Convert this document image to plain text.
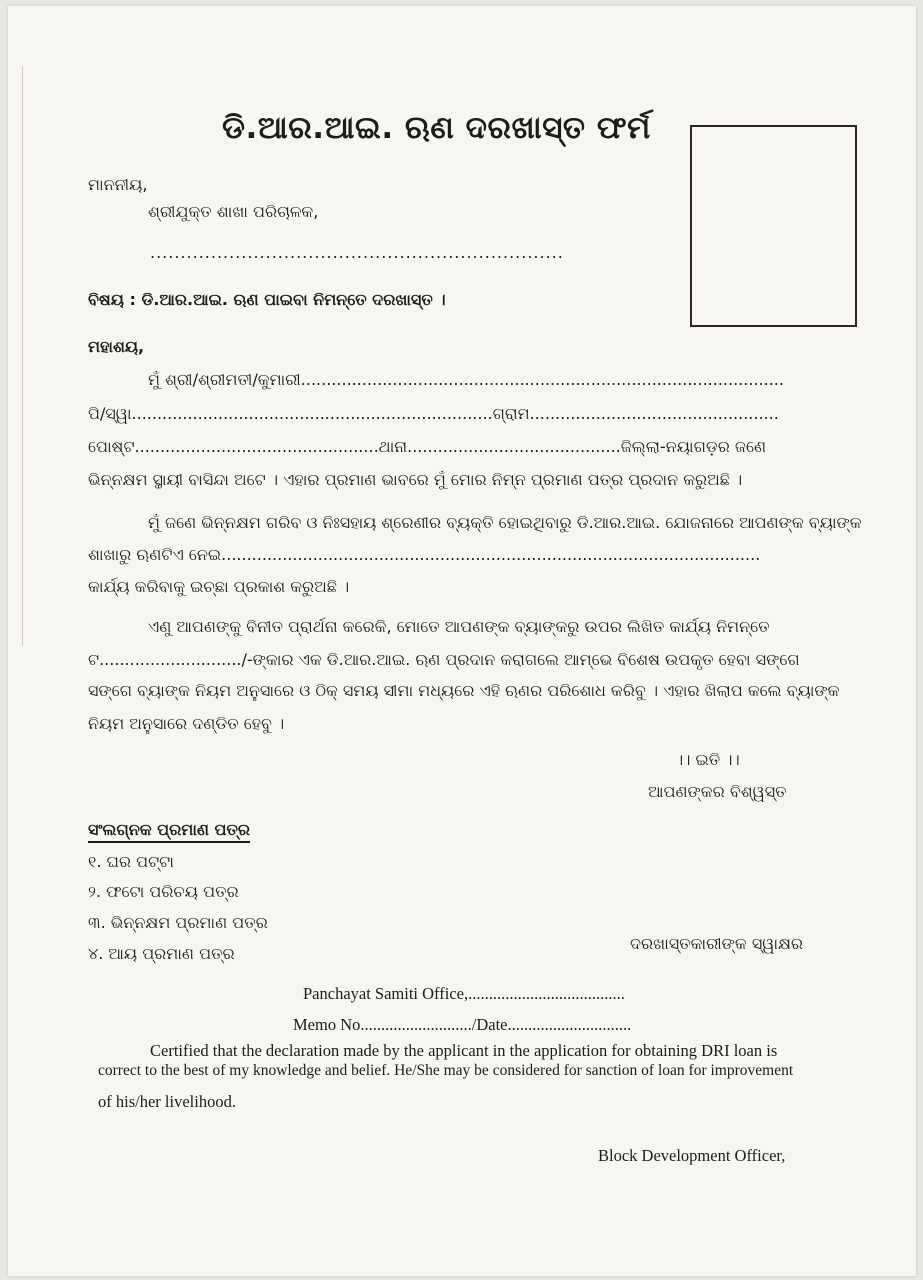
ଡି.ଆର.ଆଇ. ଋଣ ଦରଖାସ୍ତ ଫର୍ମ
ମାନନୀୟ,
ଶ୍ରୀଯୁକ୍ତ ଶାଖା ପରିଚାଳକ,
....................................................................
ବିଷୟ : ଡି.ଆର.ଆଇ. ଋଣ ପାଇବା ନିମନ୍ତେ ଦରଖାସ୍ତ ।
ମହାଶୟ,
ମୁଁ ଶ୍ରୀ/ଶ୍ରୀମତୀ/କୁମାରୀ...............................................................................................
ପି/ସ୍ୱା.......................................................................ଗ୍ରାମ.................................................
ପୋଷ୍ଟ................................................ଥାନା..........................................ଜିଲ୍ଲା-ନୟାଗଡ଼ର ଜଣେ
ଭିନ୍ନକ୍ଷମ ସ୍ଥାୟୀ ବାସିନ୍ଦା ଅଟେ । ଏହାର ପ୍ରମାଣ ଭାବରେ ମୁଁ ମୋର ନିମ୍ନ ପ୍ରମାଣ ପତ୍ର ପ୍ରଦାନ କରୁଅଛି ।
ମୁଁ ଜଣେ ଭିନ୍ନକ୍ଷମ ଗରିବ ଓ ନିଃସହାୟ ଶ୍ରେଣୀର ବ୍ୟକ୍ତି ହୋଇଥିବାରୁ ଡି.ଆର.ଆଇ. ଯୋଜନାରେ ଆପଣଙ୍କ ବ୍ୟାଙ୍କ
ଶାଖାରୁ ଋଣଟିଏ ନେଇ..........................................................................................................
କାର୍ଯ୍ୟ କରିବାକୁ ଇଚ୍ଛା ପ୍ରକାଶ କରୁଅଛି ।
ଏଣୁ ଆପଣଙ୍କୁ ବିନୀତ ପ୍ରାର୍ଥନା କରେକି, ମୋତେ ଆପଣଙ୍କ ବ୍ୟାଙ୍କରୁ ଉପର ଲିଖିତ କାର୍ଯ୍ୟ ନିମନ୍ତେ
ଟ............................/-ଙ୍କାର ଏକ ଡି.ଆର.ଆଇ. ଋଣ ପ୍ରଦାନ କରାଗଲେ ଆମ୍ଭେ ବିଶେଷ ଉପକୃତ ହେବା ସଙ୍ଗେ
ସଙ୍ଗେ ବ୍ୟାଙ୍କ ନିୟମ ଅନୁସାରେ ଓ ଠିକ୍ ସମୟ ସୀମା ମଧ୍ୟରେ ଏହି ଋଣର ପରିଶୋଧ କରିବୁ । ଏହାର ଖିଲାପ କଲେ ବ୍ୟାଙ୍କ
ନିୟମ ଅନୁସାରେ ଦଣ୍ଡିତ ହେବୁ ।
।। ଇତି ।।
ଆପଣଙ୍କର ବିଶ୍ୱସ୍ତ
ସଂଲଗ୍ନକ ପ୍ରମାଣ ପତ୍ର
୧. ଘର ପଟ୍ଟା
୨. ଫଟୋ ପରିଚୟ ପତ୍ର
୩. ଭିନ୍ନକ୍ଷମ ପ୍ରମାଣ ପତ୍ର
୪. ଆୟ ପ୍ରମାଣ ପତ୍ର
ଦରଖାସ୍ତକାରୀଙ୍କ ସ୍ୱାକ୍ଷର
Panchayat Samiti Office,......................................
Memo No.........................../Date..............................
Certified that the declaration made by the applicant in the application for obtaining DRI loan is
correct to the best of my knowledge and belief. He/She may be considered for sanction of loan for improvement
of his/her livelihood.
Block Development Officer,
